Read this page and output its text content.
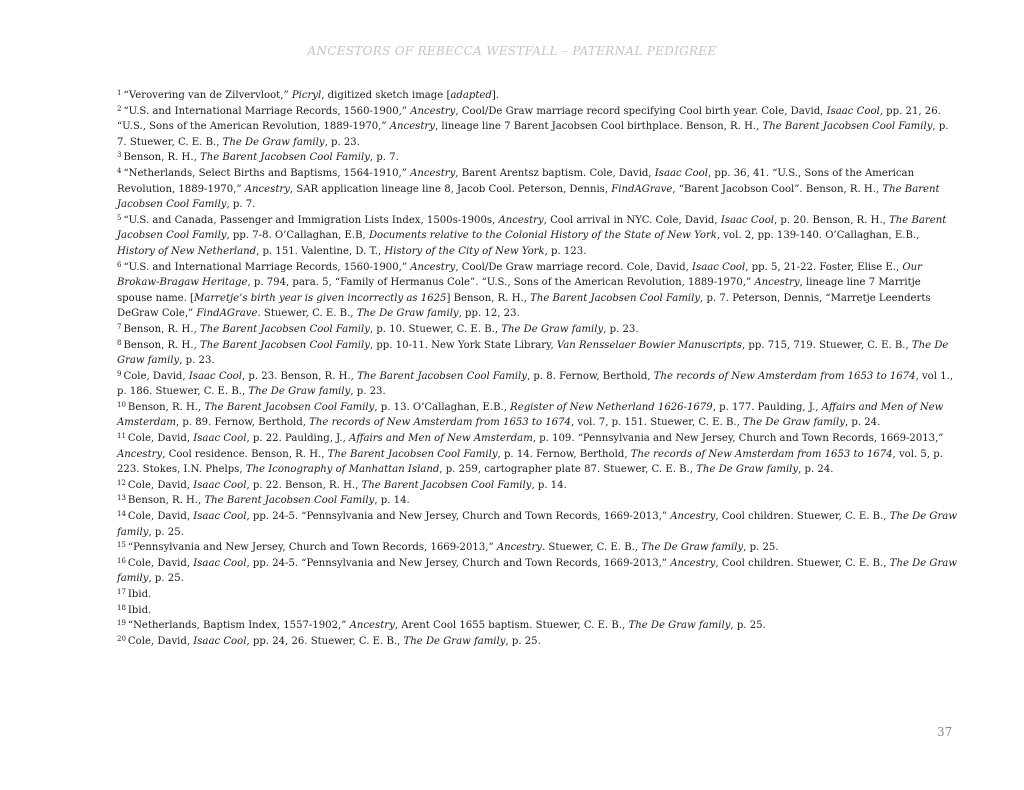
ANCESTORS OF REBECCA WESTFALL – PATERNAL PEDIGREE

$^1$ “Verovering van de Zilvervloot,” Picryl, digitized sketch image [adapted].

$^2$ “U.S. and International Marriage Records, 1560-1900,” Ancestry, Cool/De Graw marriage record specifying Cool birth year. Cole, David, Isaac Cool, pp. 21, 26. “U.S., Sons of the American Revolution, 1889-1970,” Ancestry, lineage line 7 Barent Jacobsen Cool birthplace. Benson, R. H., The Barent Jacobsen Cool Family, p. 7. Stuewer, C. E. B., The De Graw family, p. 23.

$^3$ Benson, R. H., The Barent Jacobsen Cool Family, p. 7.

$^4$ “Netherlands, Select Births and Baptisms, 1564-1910,” Ancestry, Barent Arentsz baptism. Cole, David, Isaac Cool, pp. 36, 41. “U.S., Sons of the American Revolution, 1889-1970,” Ancestry, SAR application lineage line 8, Jacob Cool. Peterson, Dennis, FindAGrave, “Barent Jacobson Cool”. Benson, R. H., The Barent Jacobsen Cool Family, p. 7.

$^5$ “U.S. and Canada, Passenger and Immigration Lists Index, 1500s-1900s, Ancestry, Cool arrival in NYC. Cole, David, Isaac Cool, p. 20. Benson, R. H., The Barent Jacobsen Cool Family, pp. 7-8. O’Callaghan, E.B, Documents relative to the Colonial History of the State of New York, vol. 2, pp. 139-140. O’Callaghan, E.B., History of New Netherland, p. 151. Valentine, D. T., History of the City of New York, p. 123.

$^6$ “U.S. and International Marriage Records, 1560-1900,” Ancestry, Cool/De Graw marriage record. Cole, David, Isaac Cool, pp. 5, 21-22. Foster, Elise E., Our Brokaw-Bragaw Heritage, p. 794, para. 5, “Family of Hermanus Cole”. “U.S., Sons of the American Revolution, 1889-1970,” Ancestry, lineage line 7 Marritje spouse name. [Marretje’s birth year is given incorrectly as 1625] Benson, R. H., The Barent Jacobsen Cool Family, p. 7. Peterson, Dennis, “Marretje Leenderts DeGraw Cole,” FindAGrave. Stuewer, C. E. B., The De Graw family, pp. 12, 23.

$^7$ Benson, R. H., The Barent Jacobsen Cool Family, p. 10. Stuewer, C. E. B., The De Graw family, p. 23.

$^8$ Benson, R. H., The Barent Jacobsen Cool Family, pp. 10-11. New York State Library, Van Rensselaer Bowier Manuscripts, pp. 715, 719. Stuewer, C. E. B., The De Graw family, p. 23.

$^9$ Cole, David, Isaac Cool, p. 23. Benson, R. H., The Barent Jacobsen Cool Family, p. 8. Fernow, Berthold, The records of New Amsterdam from 1653 to 1674, vol 1., p. 186. Stuewer, C. E. B., The De Graw family, p. 23.

$^{10}$ Benson, R. H., The Barent Jacobsen Cool Family, p. 13. O’Callaghan, E.B., Register of New Netherland 1626-1679, p. 177. Paulding, J., Affairs and Men of New Amsterdam, p. 89. Fernow, Berthold, The records of New Amsterdam from 1653 to 1674, vol. 7, p. 151. Stuewer, C. E. B., The De Graw family, p. 24.

$^{11}$ Cole, David, Isaac Cool, p. 22. Paulding, J., Affairs and Men of New Amsterdam, p. 109. “Pennsylvania and New Jersey, Church and Town Records, 1669-2013,” Ancestry, Cool residence. Benson, R. H., The Barent Jacobsen Cool Family, p. 14. Fernow, Berthold, The records of New Amsterdam from 1653 to 1674, vol. 5, p. 223. Stokes, I.N. Phelps, The Iconography of Manhattan Island, p. 259, cartographer plate 87. Stuewer, C. E. B., The De Graw family, p. 24.

$^{12}$ Cole, David, Isaac Cool, p. 22. Benson, R. H., The Barent Jacobsen Cool Family, p. 14.

$^{13}$ Benson, R. H., The Barent Jacobsen Cool Family, p. 14.

$^{14}$ Cole, David, Isaac Cool, pp. 24-5. “Pennsylvania and New Jersey, Church and Town Records, 1669-2013,” Ancestry, Cool children. Stuewer, C. E. B., The De Graw family, p. 25.

$^{15}$ “Pennsylvania and New Jersey, Church and Town Records, 1669-2013,” Ancestry. Stuewer, C. E. B., The De Graw family, p. 25.

$^{16}$ Cole, David, Isaac Cool, pp. 24-5. “Pennsylvania and New Jersey, Church and Town Records, 1669-2013,” Ancestry, Cool children. Stuewer, C. E. B., The De Graw family, p. 25.

$^{17}$ Ibid.

$^{18}$ Ibid.

$^{19}$ “Netherlands, Baptism Index, 1557-1902,” Ancestry, Arent Cool 1655 baptism. Stuewer, C. E. B., The De Graw family, p. 25.

$^{20}$ Cole, David, Isaac Cool, pp. 24, 26. Stuewer, C. E. B., The De Graw family, p. 25.

37
